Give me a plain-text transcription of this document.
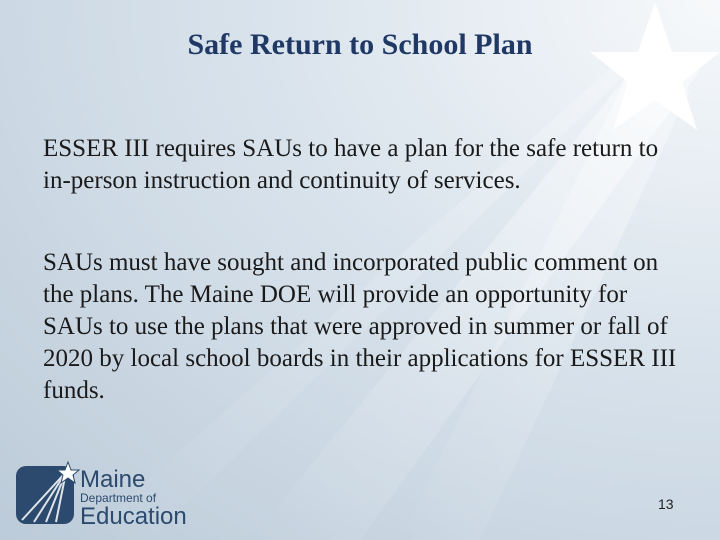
Safe Return to School Plan

ESSER III requires SAUs to have a plan for the safe return to in-person instruction and continuity of services.

SAUs must have sought and incorporated public comment on the plans. The Maine DOE will provide an opportunity for SAUs to use the plans that were approved in summer or fall of 2020 by local school boards in their applications for ESSER III funds.

Maine
Department of
Education	13
